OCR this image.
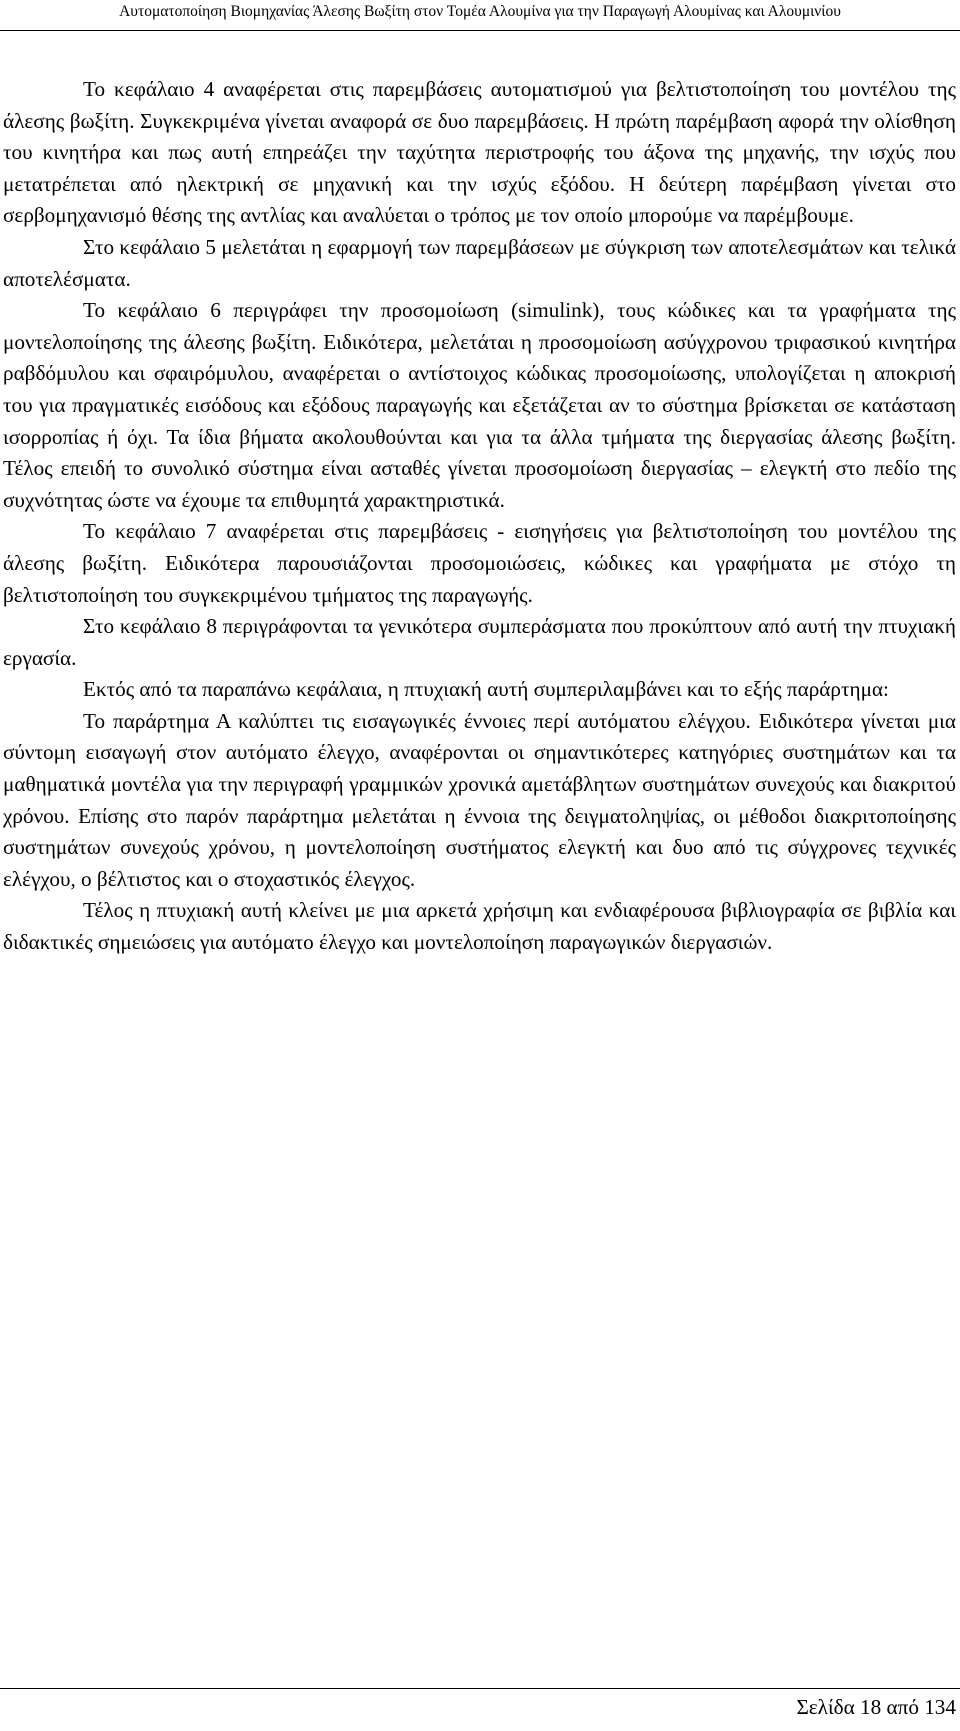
Αυτοματοποίηση Βιομηχανίας Άλεσης Βωξίτη στον Τομέα Αλουμίνα για την Παραγωγή Αλουμίνας και Αλουμινίου

Το κεφάλαιο 4 αναφέρεται στις παρεμβάσεις αυτοματισμού για βελτιστοποίηση του μοντέλου της άλεσης βωξίτη. Συγκεκριμένα γίνεται αναφορά σε δυο παρεμβάσεις. Η πρώτη παρέμβαση αφορά την ολίσθηση του κινητήρα και πως αυτή επηρεάζει την ταχύτητα περιστροφής του άξονα της μηχανής, την ισχύς που μετατρέπεται από ηλεκτρική σε μηχανική και την ισχύς εξόδου. Η δεύτερη παρέμβαση γίνεται στο σερβομηχανισμό θέσης της αντλίας και αναλύεται ο τρόπος με τον οποίο μπορούμε να παρέμβουμε.

Στο κεφάλαιο 5 μελετάται η εφαρμογή των παρεμβάσεων με σύγκριση των αποτελεσμάτων και τελικά αποτελέσματα.

Το κεφάλαιο 6 περιγράφει την προσομοίωση (simulink), τους κώδικες και τα γραφήματα της μοντελοποίησης της άλεσης βωξίτη. Ειδικότερα, μελετάται η προσομοίωση ασύγχρονου τριφασικού κινητήρα ραβδόμυλου και σφαιρόμυλου, αναφέρεται ο αντίστοιχος κώδικας προσομοίωσης, υπολογίζεται η αποκρισή του για πραγματικές εισόδους και εξόδους παραγωγής και εξετάζεται αν το σύστημα βρίσκεται σε κατάσταση ισορροπίας ή όχι. Τα ίδια βήματα ακολουθούνται και για τα άλλα τμήματα της διεργασίας άλεσης βωξίτη. Τέλος επειδή το συνολικό σύστημα είναι ασταθές γίνεται προσομοίωση διεργασίας – ελεγκτή στο πεδίο της συχνότητας ώστε να έχουμε τα επιθυμητά χαρακτηριστικά.

Το κεφάλαιο 7 αναφέρεται στις παρεμβάσεις - εισηγήσεις για βελτιστοποίηση του μοντέλου της άλεσης βωξίτη. Ειδικότερα παρουσιάζονται προσομοιώσεις, κώδικες και γραφήματα με στόχο τη βελτιστοποίηση του συγκεκριμένου τμήματος της παραγωγής.

Στο κεφάλαιο 8 περιγράφονται τα γενικότερα συμπεράσματα που προκύπτουν από αυτή την πτυχιακή εργασία.

Εκτός από τα παραπάνω κεφάλαια, η πτυχιακή αυτή συμπεριλαμβάνει και το εξής παράρτημα:

Το παράρτημα Α καλύπτει τις εισαγωγικές έννοιες περί αυτόματου ελέγχου. Ειδικότερα γίνεται μια σύντομη εισαγωγή στον αυτόματο έλεγχο, αναφέρονται οι σημαντικότερες κατηγόριες συστημάτων και τα μαθηματικά μοντέλα για την περιγραφή γραμμικών χρονικά αμετάβλητων συστημάτων συνεχούς και διακριτού χρόνου. Επίσης στο παρόν παράρτημα μελετάται η έννοια της δειγματοληψίας, οι μέθοδοι διακριτοποίησης συστημάτων συνεχούς χρόνου, η μοντελοποίηση συστήματος ελεγκτή και δυο από τις σύγχρονες τεχνικές ελέγχου, ο βέλτιστος και ο στοχαστικός έλεγχος.

Τέλος η πτυχιακή αυτή κλείνει με μια αρκετά χρήσιμη και ενδιαφέρουσα βιβλιογραφία σε βιβλία και διδακτικές σημειώσεις για αυτόματο έλεγχο και μοντελοποίηση παραγωγικών διεργασιών.

Σελίδα 18 από 134
